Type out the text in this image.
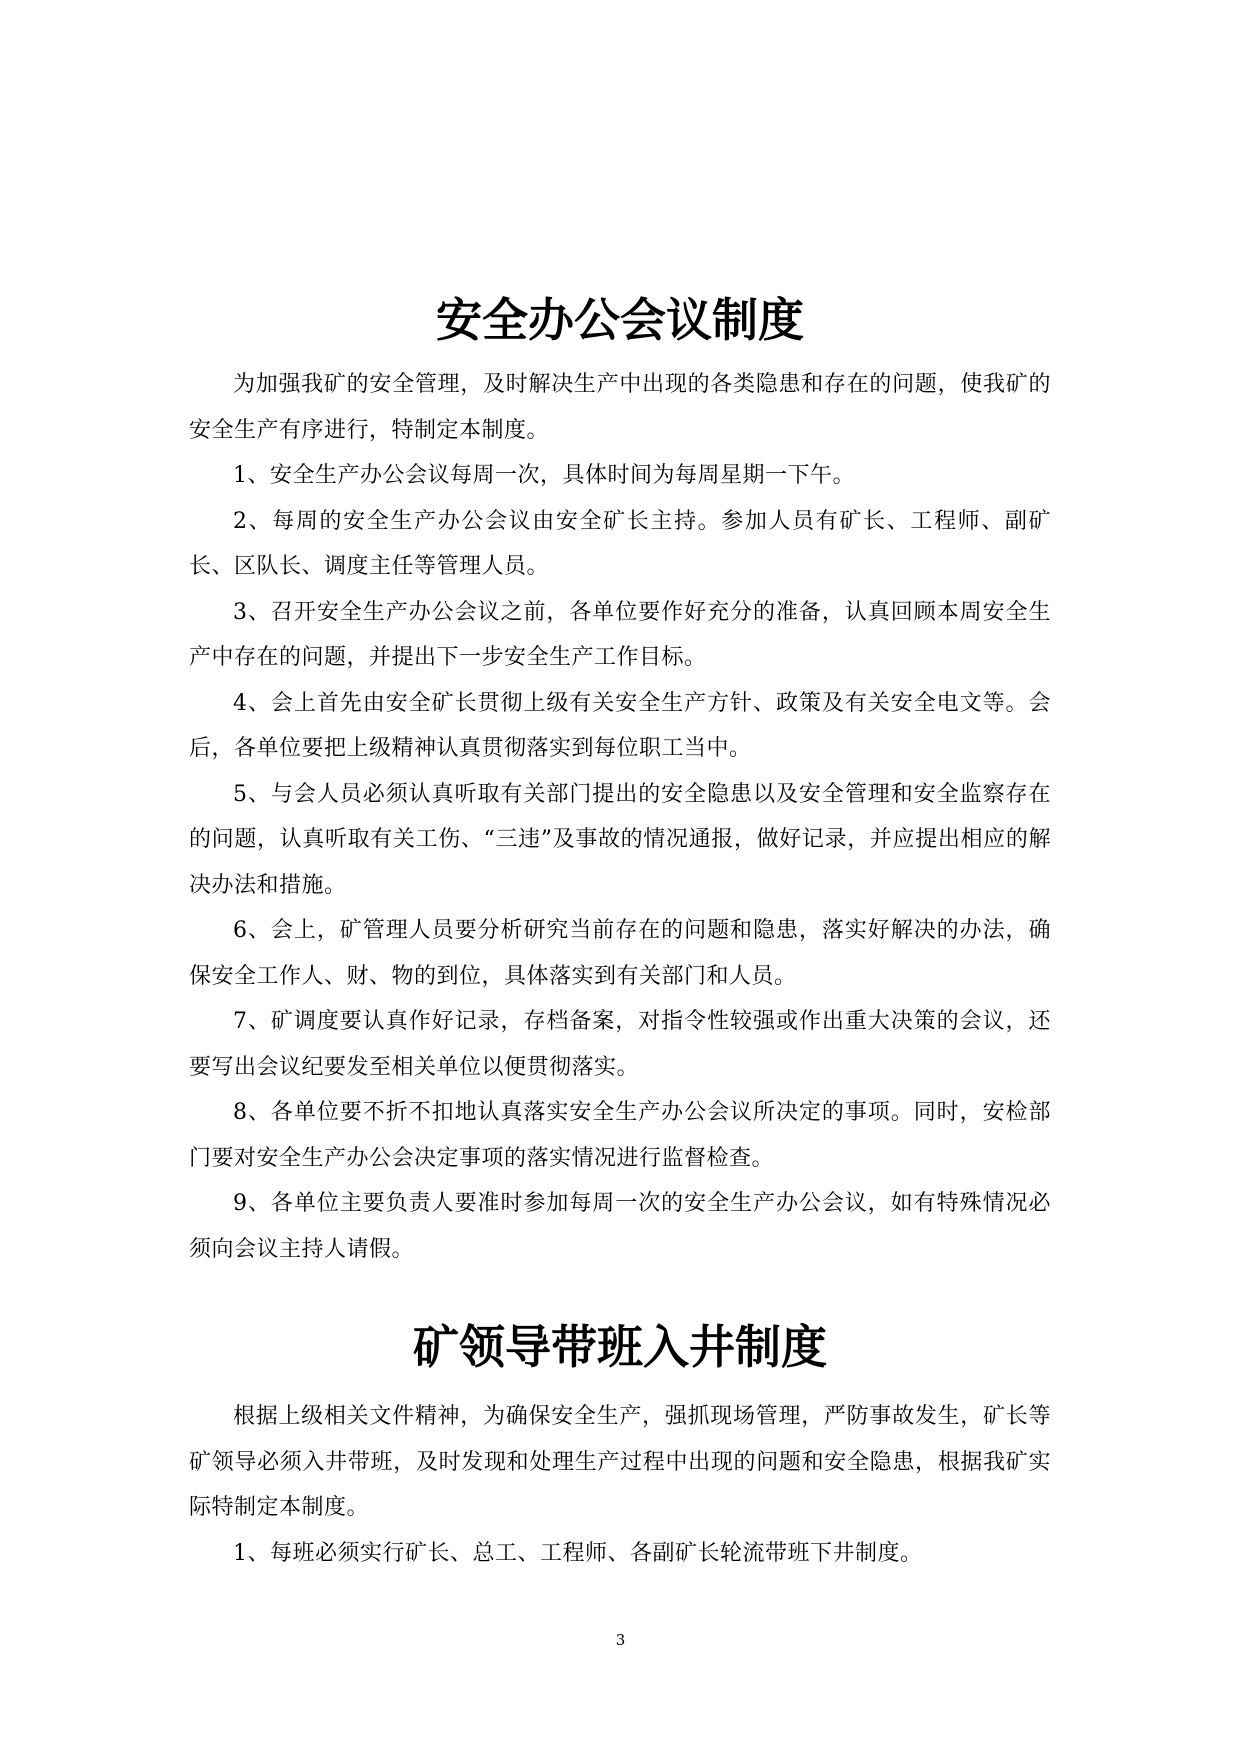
安全办公会议制度

为加强我矿的安全管理，及时解决生产中出现的各类隐患和存在的问题，使我矿的安全生产有序进行，特制定本制度。

1、安全生产办公会议每周一次，具体时间为每周星期一下午。

2、每周的安全生产办公会议由安全矿长主持。参加人员有矿长、工程师、副矿长、区队长、调度主任等管理人员。

3、召开安全生产办公会议之前，各单位要作好充分的准备，认真回顾本周安全生产中存在的问题，并提出下一步安全生产工作目标。

4、会上首先由安全矿长贯彻上级有关安全生产方针、政策及有关安全电文等。会后，各单位要把上级精神认真贯彻落实到每位职工当中。

5、与会人员必须认真听取有关部门提出的安全隐患以及安全管理和安全监察存在的问题，认真听取有关工伤、“三违”及事故的情况通报，做好记录，并应提出相应的解决办法和措施。

6、会上，矿管理人员要分析研究当前存在的问题和隐患，落实好解决的办法，确保安全工作人、财、物的到位，具体落实到有关部门和人员。

7、矿调度要认真作好记录，存档备案，对指令性较强或作出重大决策的会议，还要写出会议纪要发至相关单位以便贯彻落实。

8、各单位要不折不扣地认真落实安全生产办公会议所决定的事项。同时，安检部门要对安全生产办公会决定事项的落实情况进行监督检查。

9、各单位主要负责人要准时参加每周一次的安全生产办公会议，如有特殊情况必须向会议主持人请假。

矿领导带班入井制度

根据上级相关文件精神，为确保安全生产，强抓现场管理，严防事故发生，矿长等矿领导必须入井带班，及时发现和处理生产过程中出现的问题和安全隐患，根据我矿实际特制定本制度。

1、每班必须实行矿长、总工、工程师、各副矿长轮流带班下井制度。

3
